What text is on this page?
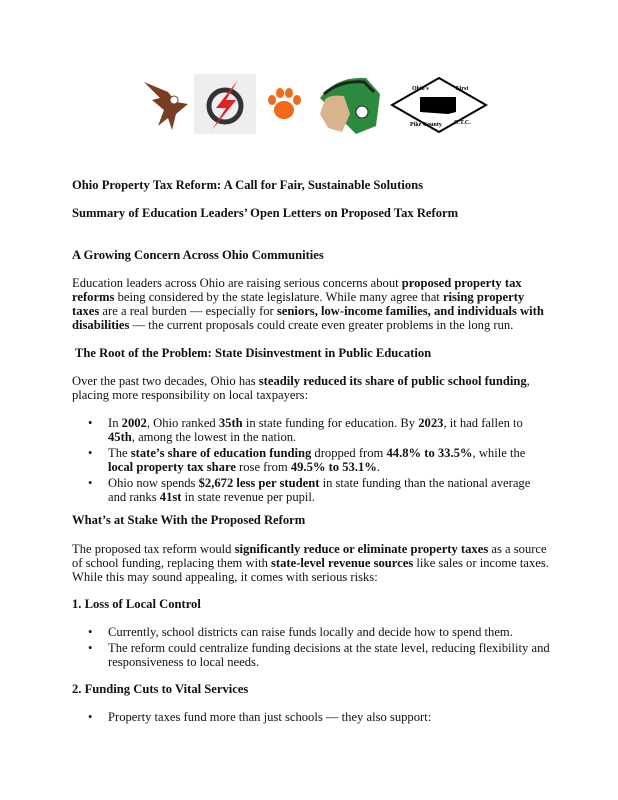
Ohio's	First
Pike County C.T.C.
Ohio Property Tax Reform: A Call for Fair, Sustainable Solutions
Summary of Education Leaders’ Open Letters on Proposed Tax Reform
A Growing Concern Across Ohio Communities
Education leaders across Ohio are raising serious concerns about proposed property tax reforms being considered by the state legislature. While many agree that rising property taxes are a real burden — especially for seniors, low-income families, and individuals with disabilities — the current proposals could create even greater problems in the long run.
The Root of the Problem: State Disinvestment in Public Education
Over the past two decades, Ohio has steadily reduced its share of public school funding, placing more responsibility on local taxpayers:
• In 2002, Ohio ranked 35th in state funding for education. By 2023, it had fallen to 45th, among the lowest in the nation.
• The state’s share of education funding dropped from 44.8% to 33.5%, while the local property tax share rose from 49.5% to 53.1%.
• Ohio now spends $2,672 less per student in state funding than the national average and ranks 41st in state revenue per pupil.
What’s at Stake With the Proposed Reform
The proposed tax reform would significantly reduce or eliminate property taxes as a source of school funding, replacing them with state-level revenue sources like sales or income taxes. While this may sound appealing, it comes with serious risks:
1. Loss of Local Control
• Currently, school districts can raise funds locally and decide how to spend them.
• The reform could centralize funding decisions at the state level, reducing flexibility and responsiveness to local needs.
2. Funding Cuts to Vital Services
• Property taxes fund more than just schools — they also support:
